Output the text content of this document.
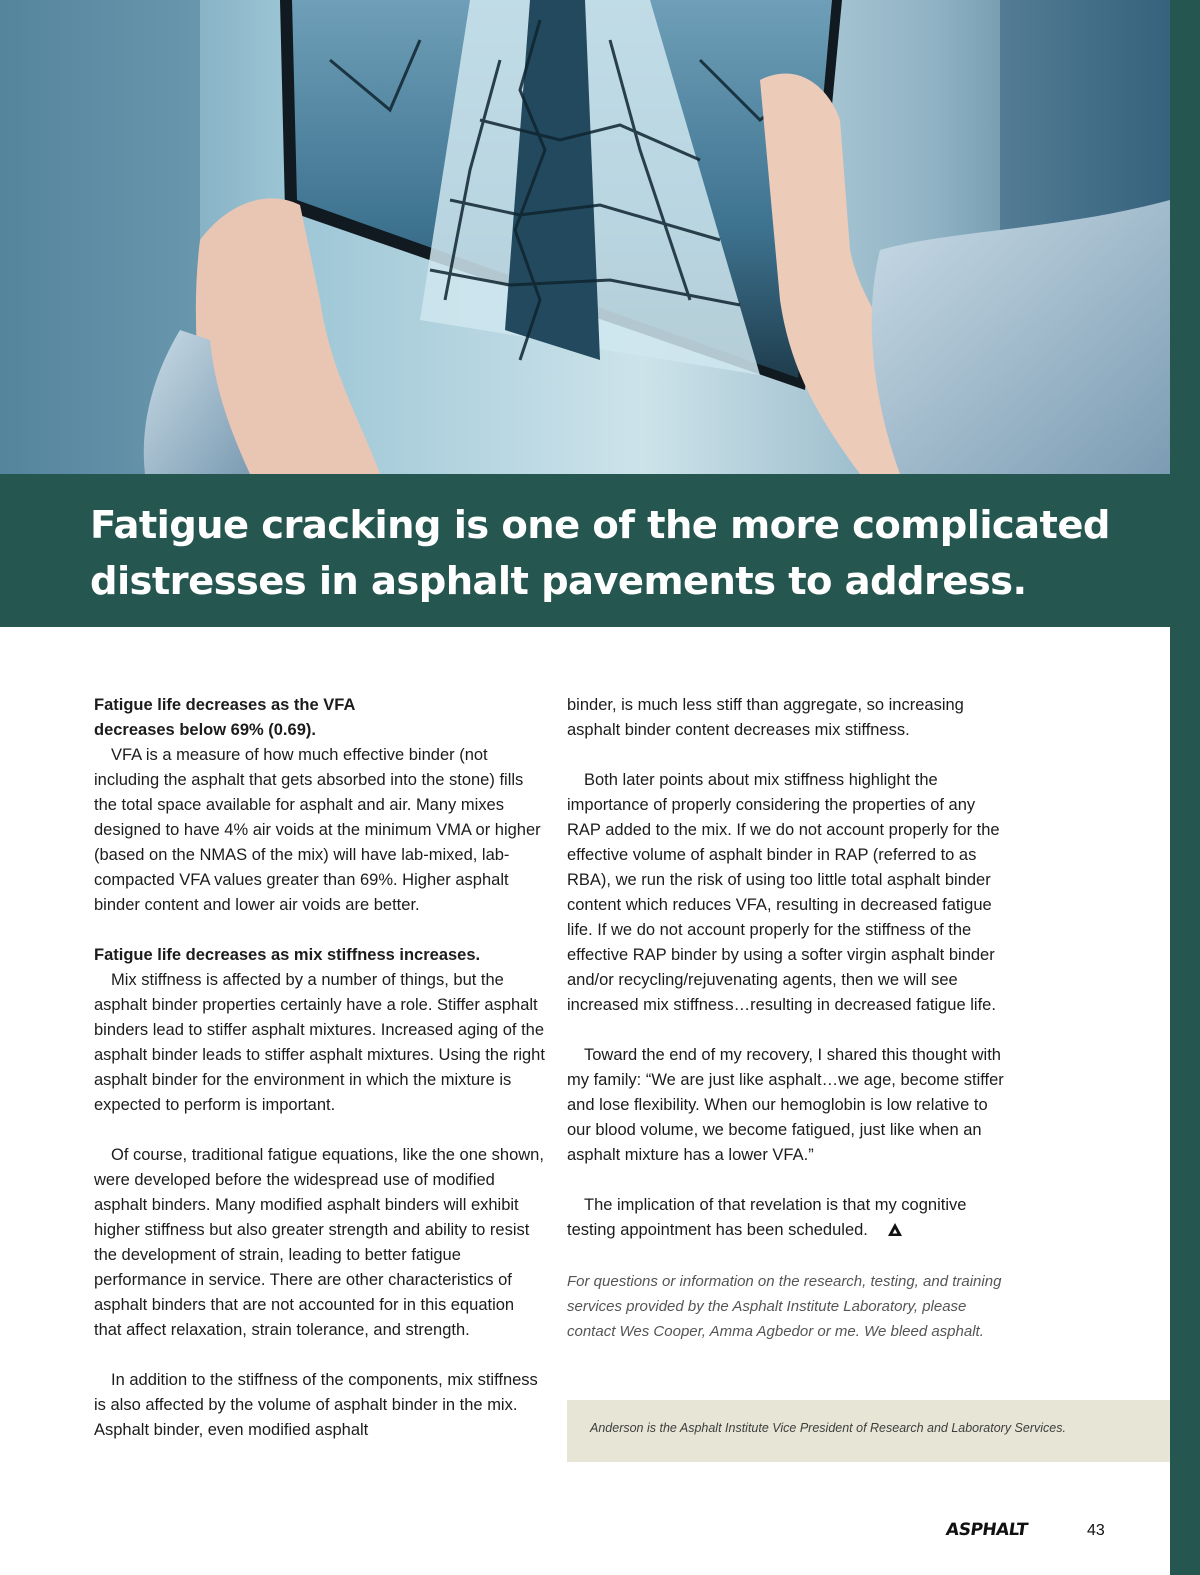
Fatigue cracking is one of the more complicated
distresses in asphalt pavements to address.

Fatigue life decreases as the VFA
decreases below 69% (0.69).

VFA is a measure of how much effective binder (not including the asphalt that gets absorbed into the stone) fills the total space available for asphalt and air. Many mixes designed to have 4% air voids at the minimum VMA or higher (based on the NMAS of the mix) will have lab-mixed, lab-compacted VFA values greater than 69%. Higher asphalt binder content and lower air voids are better.

Fatigue life decreases as mix stiffness increases.

Mix stiffness is affected by a number of things, but the asphalt binder properties certainly have a role. Stiffer asphalt binders lead to stiffer asphalt mixtures. Increased aging of the asphalt binder leads to stiffer asphalt mixtures. Using the right asphalt binder for the environment in which the mixture is expected to perform is important.

Of course, traditional fatigue equations, like the one shown, were developed before the widespread use of modified asphalt binders. Many modified asphalt binders will exhibit higher stiffness but also greater strength and ability to resist the development of strain, leading to better fatigue performance in service. There are other characteristics of asphalt binders that are not accounted for in this equation that affect relaxation, strain tolerance, and strength.

In addition to the stiffness of the components, mix stiffness is also affected by the volume of asphalt binder in the mix. Asphalt binder, even modified asphalt

binder, is much less stiff than aggregate, so increasing asphalt binder content decreases mix stiffness.

Both later points about mix stiffness highlight the importance of properly considering the properties of any RAP added to the mix. If we do not account properly for the effective volume of asphalt binder in RAP (referred to as RBA), we run the risk of using too little total asphalt binder content which reduces VFA, resulting in decreased fatigue life. If we do not account properly for the stiffness of the effective RAP binder by using a softer virgin asphalt binder and/or recycling/rejuvenating agents, then we will see increased mix stiffness…resulting in decreased fatigue life.

Toward the end of my recovery, I shared this thought with my family: “We are just like asphalt…we age, become stiffer and lose flexibility. When our hemoglobin is low relative to our blood volume, we become fatigued, just like when an asphalt mixture has a lower VFA.”

The implication of that revelation is that my cognitive testing appointment has been scheduled.

For questions or information on the research, testing, and training services provided by the Asphalt Institute Laboratory, please contact Wes Cooper, Amma Agbedor or me. We bleed asphalt.

Anderson is the Asphalt Institute Vice President of Research and Laboratory Services.
ASPHALT	43
